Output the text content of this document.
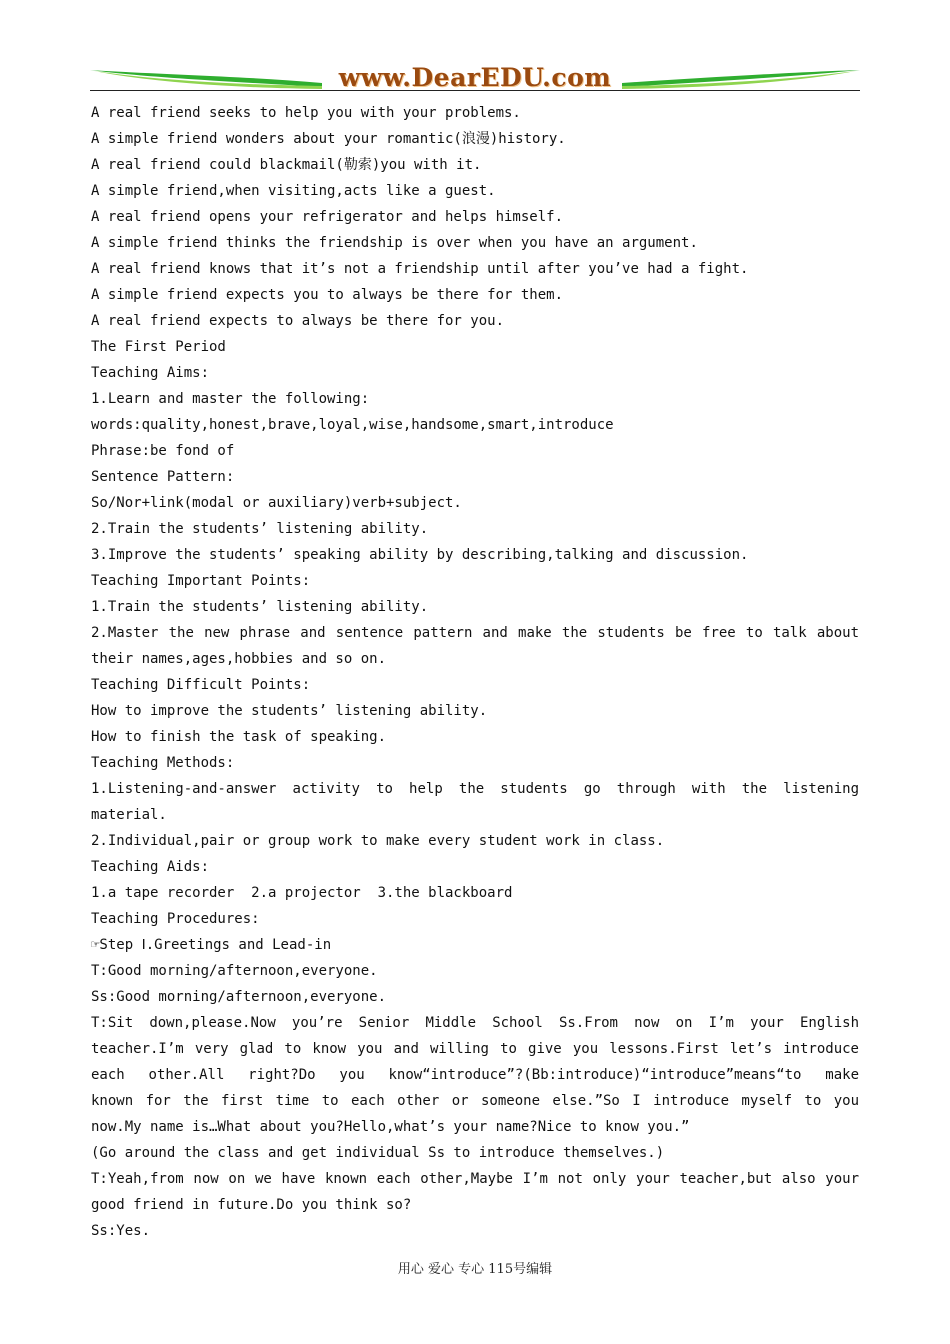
www.DearEDU.com
A real friend seeks to help you with your problems.
A simple friend wonders about your romantic(浪漫)history.
A real friend could blackmail(勒索)you with it.
A simple friend,when visiting,acts like a guest.
A real friend opens your refrigerator and helps himself.
A simple friend thinks the friendship is over when you have an argument.
A real friend knows that it’s not a friendship until after you’ve had a fight.
A simple friend expects you to always be there for them.
A real friend expects to always be there for you.
The First Period
Teaching Aims:
1.Learn and master the following:
words:quality,honest,brave,loyal,wise,handsome,smart,introduce
Phrase:be fond of
Sentence Pattern:
So/Nor+link(modal or auxiliary)verb+subject.
2.Train the students’ listening ability.
3.Improve the students’ speaking ability by describing,talking and discussion.
Teaching Important Points:
1.Train the students’ listening ability.
2.Master the new phrase and sentence pattern and make the students be free to talk about
their names,ages,hobbies and so on.
Teaching Difficult Points:
How to improve the students’ listening ability.
How to finish the task of speaking.
Teaching Methods:
1.Listening-and-answer activity to help the students go through with the listening
material.
2.Individual,pair or group work to make every student work in class.
Teaching Aids:
1.a tape recorder  2.a projector  3.the blackboard
Teaching Procedures:
☞Step Ⅰ.Greetings and Lead-in
T:Good morning/afternoon,everyone.
Ss:Good morning/afternoon,everyone.
T:Sit down,please.Now you’re Senior Middle School Ss.From now on I’m your English
teacher.I’m very glad to know you and willing to give you lessons.First let’s introduce
each other.All right?Do you know“introduce”?(Bb:introduce)“introduce”means“to make
known for the first time to each other or someone else.”So I introduce myself to you
now.My name is…What about you?Hello,what’s your name?Nice to know you.”
(Go around the class and get individual Ss to introduce themselves.)
T:Yeah,from now on we have known each other,Maybe I’m not only your teacher,but also your
good friend in future.Do you think so?
Ss:Yes.
用心 爱心 专心 115号编辑
